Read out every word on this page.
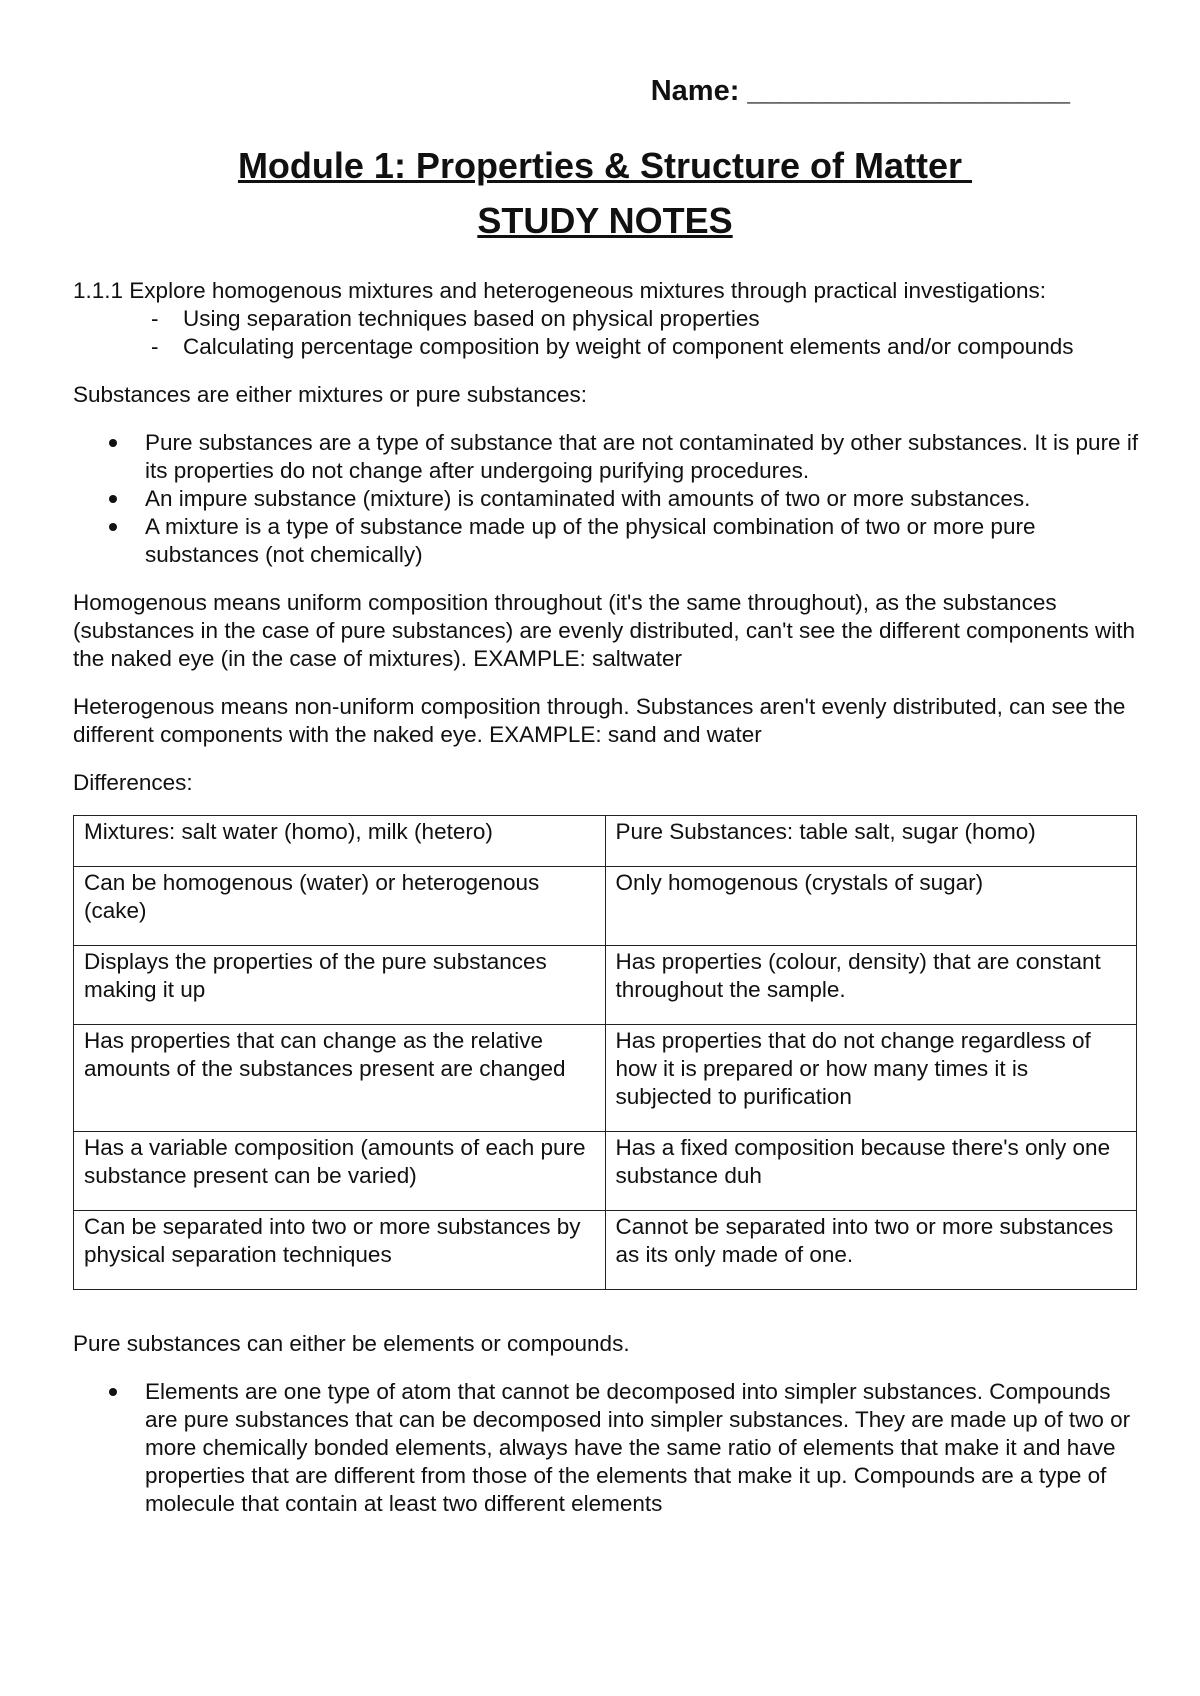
Name: ____________________
Module 1: Properties & Structure of Matter
STUDY NOTES

1.1.1 Explore homogenous mixtures and heterogeneous mixtures through practical investigations:

- Using separation techniques based on physical properties
- Calculating percentage composition by weight of component elements and/or compounds

Substances are either mixtures or pure substances:

Pure substances are a type of substance that are not contaminated by other substances. It is pure if its properties do not change after undergoing purifying procedures.
An impure substance (mixture) is contaminated with amounts of two or more substances.
A mixture is a type of substance made up of the physical combination of two or more pure substances (not chemically)

Homogenous means uniform composition throughout (it's the same throughout), as the substances (substances in the case of pure substances) are evenly distributed, can't see the different components with the naked eye (in the case of mixtures). EXAMPLE: saltwater

Heterogenous means non-uniform composition through. Substances aren't evenly distributed, can see the different components with the naked eye. EXAMPLE: sand and water

Differences:

Mixtures: salt water (homo), milk (hetero)	Pure Substances: table salt, sugar (homo)
Can be homogenous (water) or heterogenous (cake)	Only homogenous (crystals of sugar)
Displays the properties of the pure substances making it up	Has properties (colour, density) that are constant throughout the sample.
Has properties that can change as the relative amounts of the substances present are changed	Has properties that do not change regardless of how it is prepared or how many times it is subjected to purification
Has a variable composition (amounts of each pure substance present can be varied)	Has a fixed composition because there's only one substance duh
Can be separated into two or more substances by physical separation techniques	Cannot be separated into two or more substances as its only made of one.

Pure substances can either be elements or compounds.

Elements are one type of atom that cannot be decomposed into simpler substances. Compounds are pure substances that can be decomposed into simpler substances. They are made up of two or more chemically bonded elements, always have the same ratio of elements that make it and have properties that are different from those of the elements that make it up. Compounds are a type of molecule that contain at least two different elements
